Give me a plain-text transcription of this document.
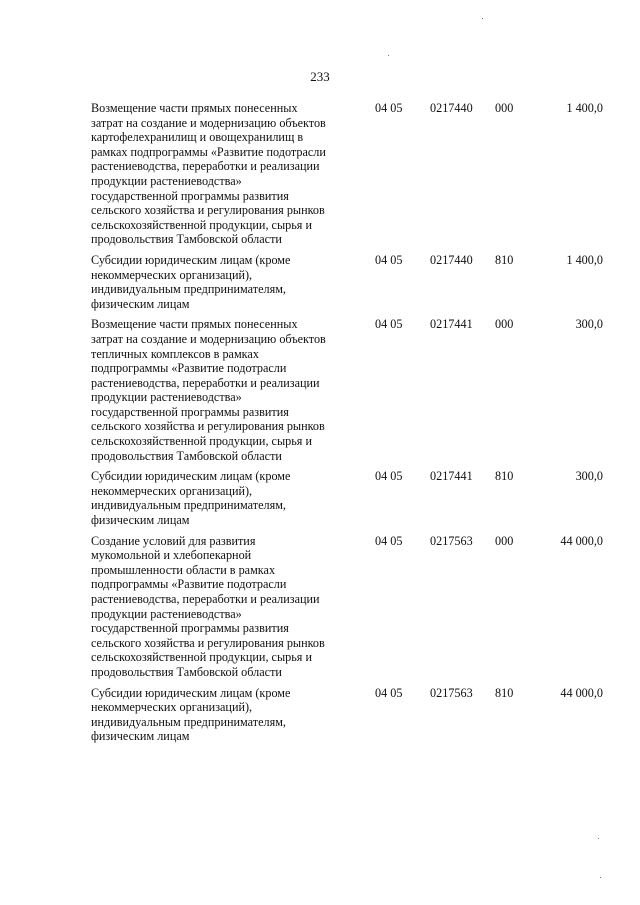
233
Возмещение части прямых понесенных
затрат на создание и модернизацию объектов
картофелехранилищ и овощехранилищ в
рамках подпрограммы «Развитие подотрасли
растениеводства, переработки и реализации
продукции растениеводства»
государственной программы развития
сельского хозяйства и регулирования рынков
сельскохозяйственной продукции, сырья и
продовольствия Тамбовской области
04 05 0217440 000	1 400,0
Субсидии юридическим лицам (кроме
некоммерческих организаций),
индивидуальным предпринимателям,
физическим лицам
04 05 0217440 810	1 400,0
Возмещение части прямых понесенных
затрат на создание и модернизацию объектов
тепличных комплексов в рамках
подпрограммы «Развитие подотрасли
растениеводства, переработки и реализации
продукции растениеводства»
государственной программы развития
сельского хозяйства и регулирования рынков
сельскохозяйственной продукции, сырья и
продовольствия Тамбовской области
04 05 0217441 000	300,0
Субсидии юридическим лицам (кроме
некоммерческих организаций),
индивидуальным предпринимателям,
физическим лицам
04 05 0217441 810	300,0
Создание условий для развития
мукомольной и хлебопекарной
промышленности области в рамках
подпрограммы «Развитие подотрасли
растениеводства, переработки и реализации
продукции растениеводства»
государственной программы развития
сельского хозяйства и регулирования рынков
сельскохозяйственной продукции, сырья и
продовольствия Тамбовской области
04 05 0217563 000	44 000,0
Субсидии юридическим лицам (кроме
некоммерческих организаций),
индивидуальным предпринимателям,
физическим лицам
04 05 0217563 810	44 000,0
